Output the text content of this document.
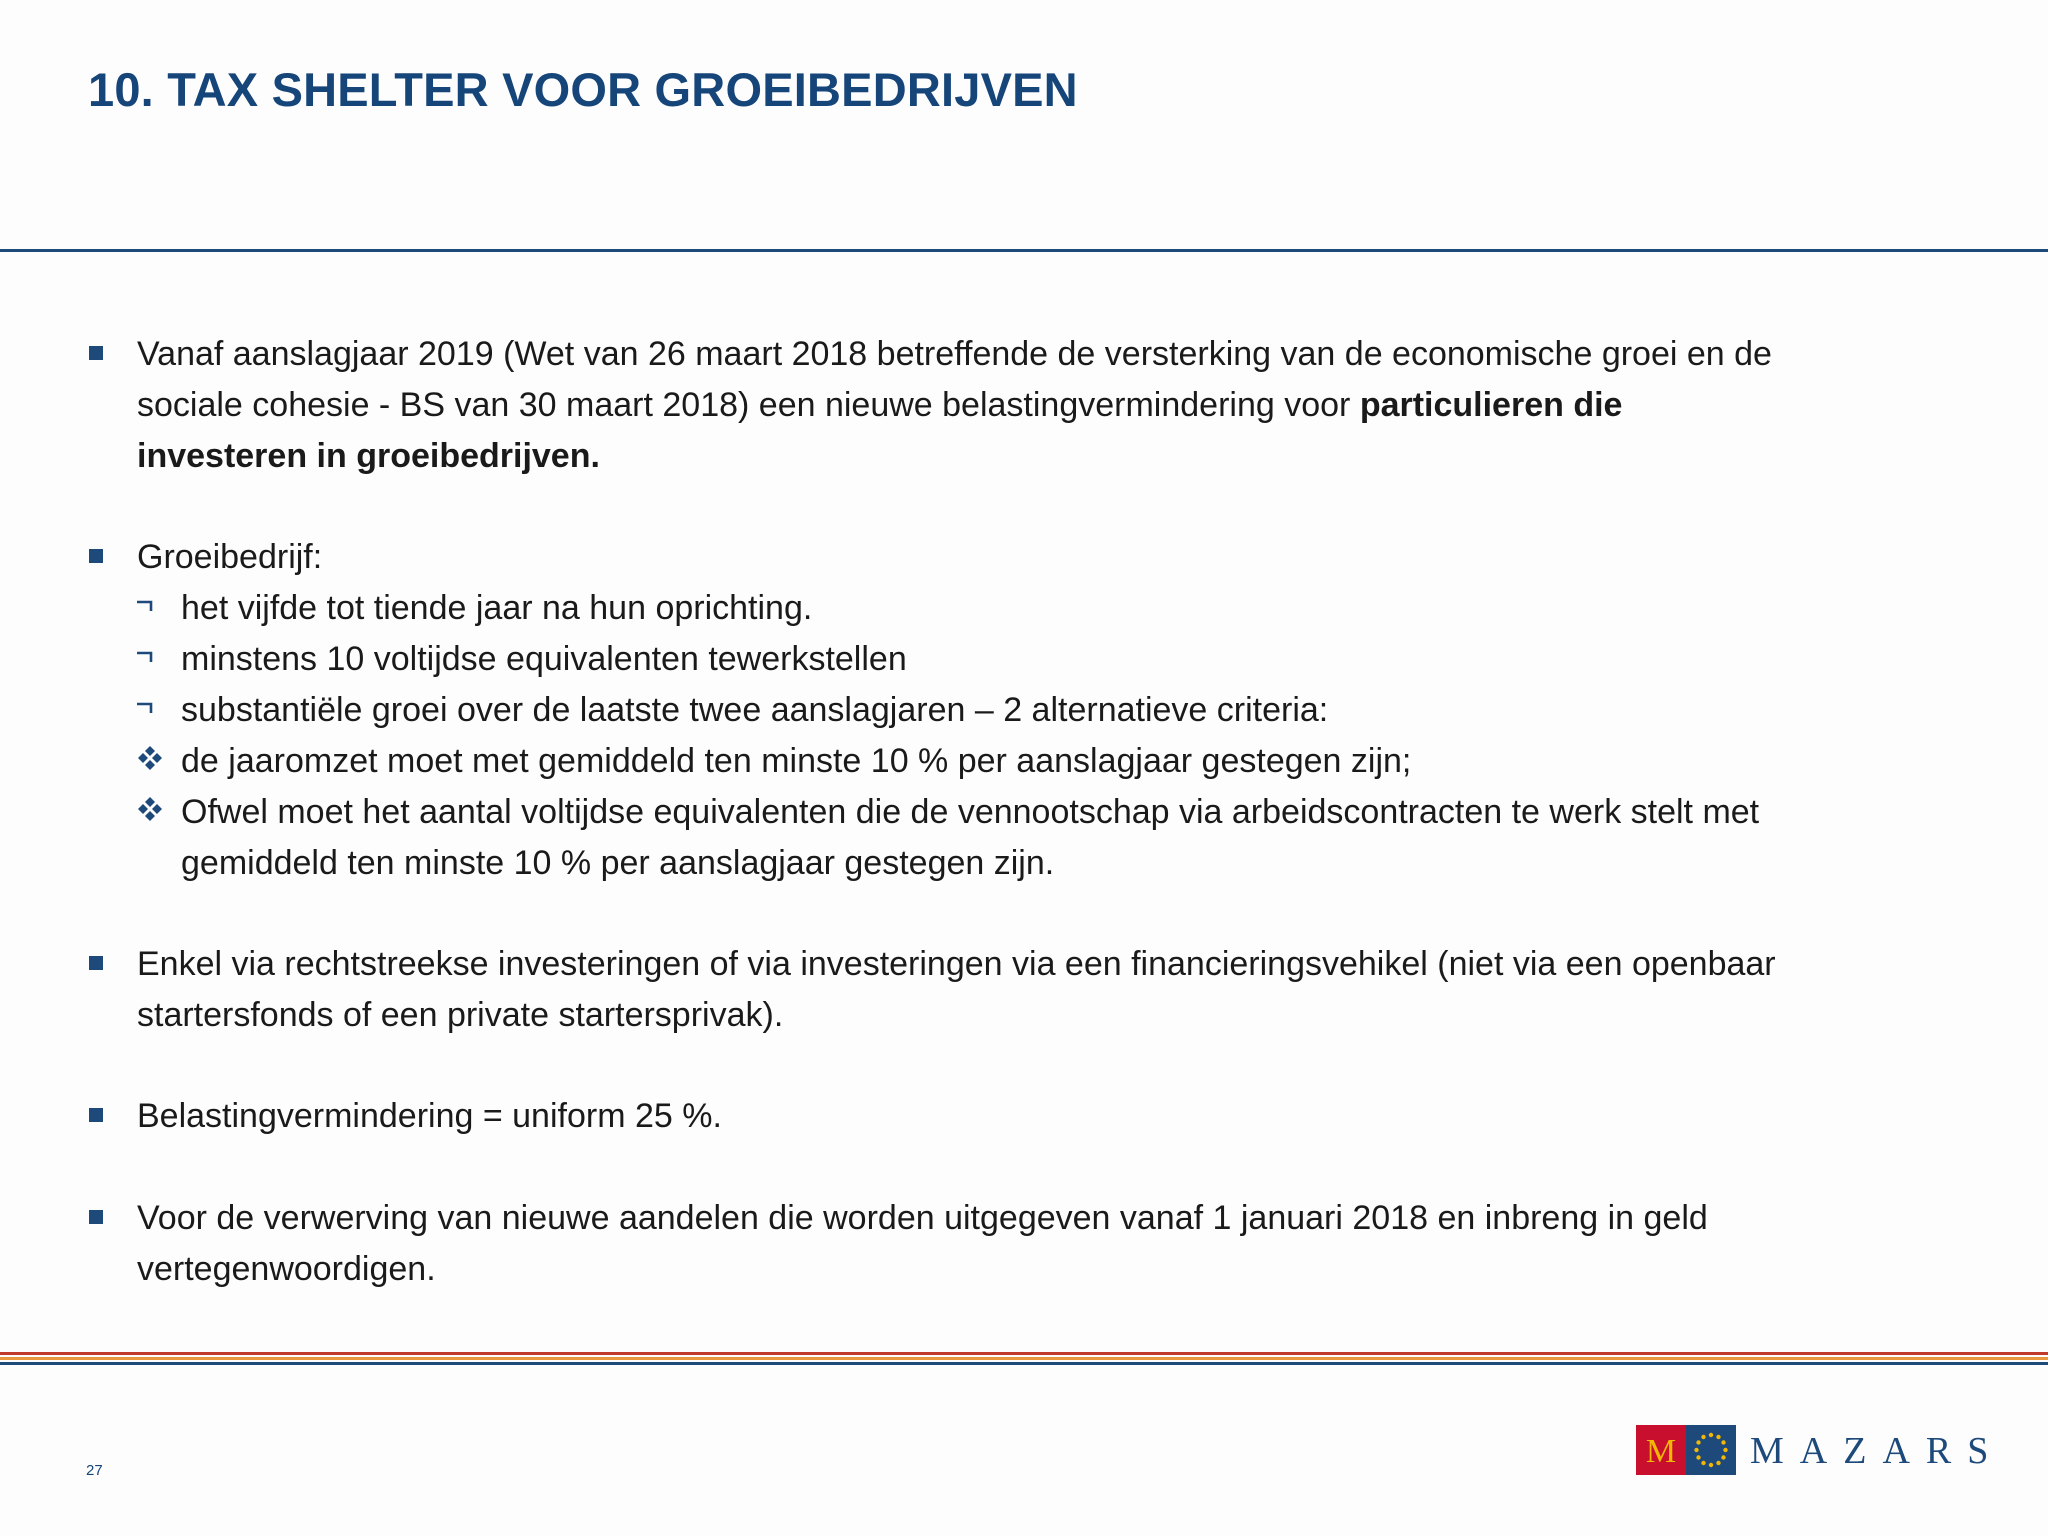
10. TAX SHELTER VOOR GROEIBEDRIJVEN
Vanaf aanslagjaar 2019 (Wet van 26 maart 2018 betreffende de versterking van de economische groei en de
sociale cohesie - BS van 30 maart 2018) een nieuwe belastingvermindering voor particulieren die
investeren in groeibedrijven.
Groeibedrijf:
het vijfde tot tiende jaar na hun oprichting.
minstens 10 voltijdse equivalenten tewerkstellen
substantiële groei over de laatste twee aanslagjaren – 2 alternatieve criteria:
de jaaromzet moet met gemiddeld ten minste 10 % per aanslagjaar gestegen zijn;
Ofwel moet het aantal voltijdse equivalenten die de vennootschap via arbeidscontracten te werk stelt met
gemiddeld ten minste 10 % per aanslagjaar gestegen zijn.
Enkel via rechtstreekse investeringen of via investeringen via een financieringsvehikel (niet via een openbaar
startersfonds of een private startersprivak).
Belastingvermindering = uniform 25 %.
Voor de verwerving van nieuwe aandelen die worden uitgegeven vanaf 1 januari 2018 en inbreng in geld
vertegenwoordigen.
27
M MAZARS
